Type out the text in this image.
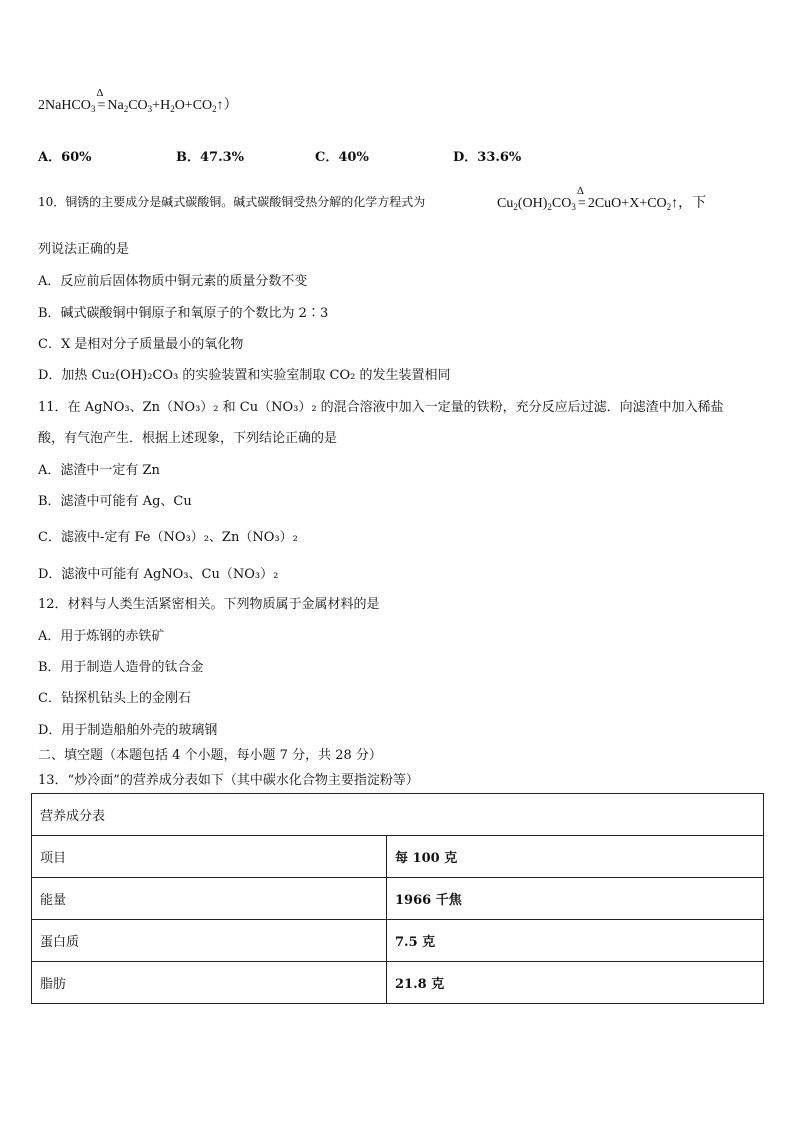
2NaHCO$_3$
Δ
= $Na_2CO_3+H_2O+CO_2↑$）
A．60%	B．47.3%	C．40%	D．33.6%
10．铜锈的主要成分是碱式碳酸铜。碱式碳酸铜受热分解的化学方程式为	$Cu_2(OH)_2CO_3$
Δ
= $2CuO+X+CO_2↑$，下
列说法正确的是
A．反应前后固体物质中铜元素的质量分数不变
B．碱式碳酸铜中铜原子和氧原子的个数比为 2∶3
C．X 是相对分子质量最小的氧化物
D．加热 Cu₂(OH)₂CO₃ 的实验装置和实验室制取 CO₂ 的发生装置相同
11．在 AgNO₃、Zn（NO₃）₂ 和 Cu（NO₃）₂ 的混合溶液中加入一定量的铁粉，充分反应后过滤．向滤渣中加入稀盐
酸，有气泡产生．根据上述现象，下列结论正确的是
A．滤渣中一定有 Zn
B．滤渣中可能有 Ag、Cu
C．滤液中-定有 Fe（NO₃）₂、Zn（NO₃）₂
D．滤液中可能有 AgNO₃、Cu（NO₃）₂
12．材料与人类生活紧密相关。下列物质属于金属材料的是
A．用于炼钢的赤铁矿
B．用于制造人造骨的钛合金
C．钻探机钻头上的金刚石
D．用于制造船舶外壳的玻璃钢
二、填空题（本题包括 4 个小题，每小题 7 分，共 28 分）
13．“炒冷面”的营养成分表如下（其中碳水化合物主要指淀粉等）
营养成分表	
项目	每 100 克
能量	1966 千焦
蛋白质	7.5 克
脂肪	21.8 克
